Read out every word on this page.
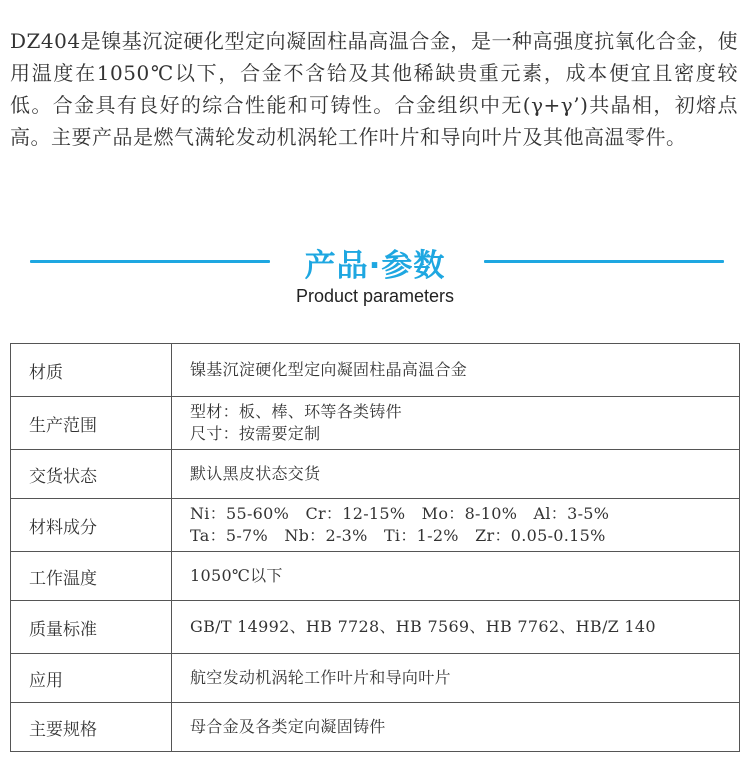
DZ404是镍基沉淀硬化型定向凝固柱晶高温合金，是一种高强度抗氧化合金，使用温度在1050℃以下，合金不含铪及其他稀缺贵重元素，成本便宜且密度较低。合金具有良好的综合性能和可铸性。合金组织中无(γ+γ’)共晶相，初熔点高。主要产品是燃气满轮发动机涡轮工作叶片和导向叶片及其他高温零件。
产品·参数
Product parameters
材质	镍基沉淀硬化型定向凝固柱晶高温合金

生产范围	型材：板、棒、环等各类铸件
尺寸：按需要定制

交货状态	默认黑皮状态交货

材料成分	Ni：55-60%　Cr：12-15%　Mo：8-10%　Al：3-5%
Ta：5-7%　Nb：2-3%　Ti：1-2%　Zr：0.05-0.15%

工作温度	1050℃以下

质量标准	GB/T 14992、HB 7728、HB 7569、HB 7762、HB/Z 140

应用	航空发动机涡轮工作叶片和导向叶片

主要规格	母合金及各类定向凝固铸件
